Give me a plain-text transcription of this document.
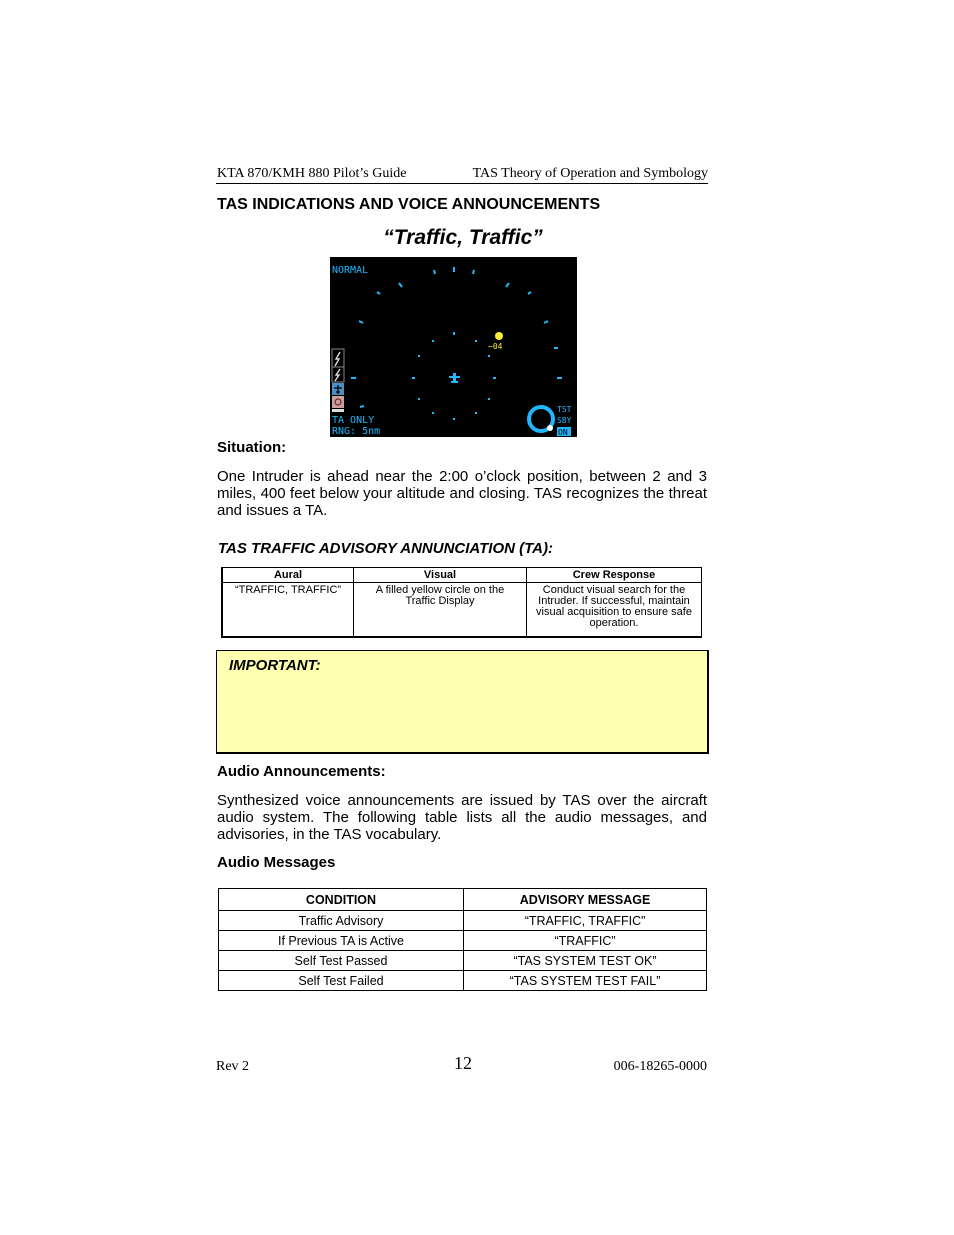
KTA 870/KMH 880 Pilot’s Guide	TAS Theory of Operation and Symbology
TAS INDICATIONS AND VOICE ANNOUNCEMENTS
“Traffic, Traffic”
NORMAL
−04
TA ONLY
RNG: 5nm
TST
SBY
ON
Situation:
One Intruder is ahead near the 2:00 o’clock position, between 2 and 3 miles, 400 feet below your altitude and closing. TAS recognizes the threat and issues a TA.
TAS TRAFFIC ADVISORY ANNUNCIATION (TA):
Aural	Visual	Crew Response
“TRAFFIC, TRAFFIC”	A filled yellow circle on the Traffic Display	Conduct visual search for the Intruder. If successful, maintain visual acquisition to ensure safe operation.
IMPORTANT:
Audio Announcements:
Synthesized voice announcements are issued by TAS over the aircraft audio system. The following table lists all the audio messages, and advisories, in the TAS vocabulary.
Audio Messages
CONDITION	ADVISORY MESSAGE
Traffic Advisory	“TRAFFIC, TRAFFIC”
If Previous TA is Active	“TRAFFIC”
Self Test Passed	“TAS SYSTEM TEST OK”
Self Test Failed	“TAS SYSTEM TEST FAIL”
Rev 2	12	006-18265-0000
